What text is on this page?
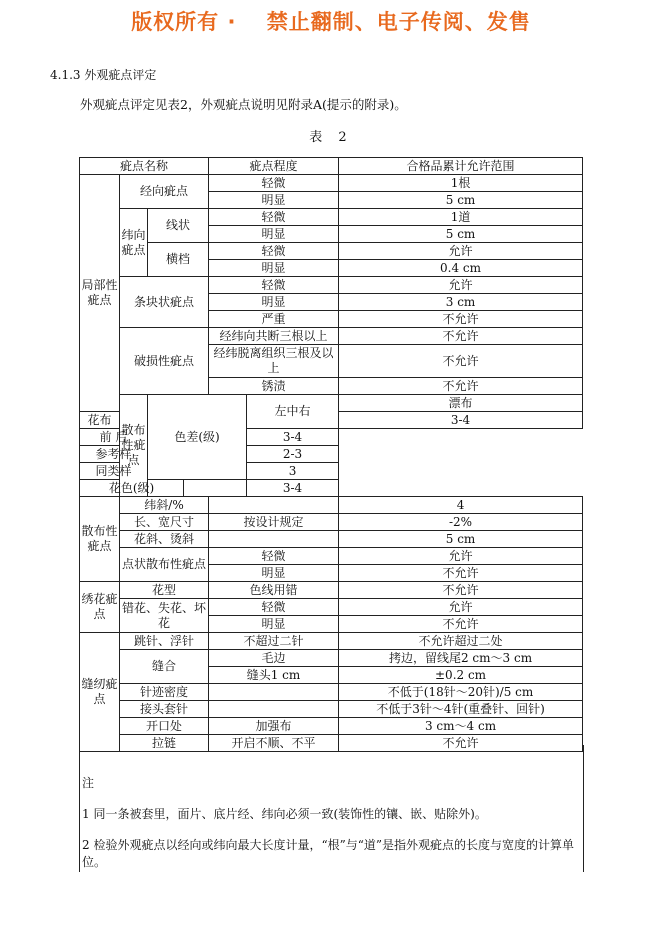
版权所有 ·　 禁止翻制、电子传阅、发售
4.1.3 外观疵点评定
外观疵点评定见表2，外观疵点说明见附录A(提示的附录)。
表 2
疵点名称				疵点程度		合格品累计允许范围	
局部性疵点	经向疵点			轻微		1根	
				明显		5 cm	
	纬向疵点	线状		轻微		1道	
				明显		5 cm	
		横档		轻微		允许	
				明显		0.4 cm	
	条块状疵点			轻微		允许	
				明显		3 cm	
				严重		不允许	
	破损性疵点			经纬向共断三根以上		不允许	
				经纬脱离组织三根及以上		不允许	
				锈渍		不允许	
	散布性疵点	色差(级)			左中右	漂布	
花布						3-4	
前 后					3-4		
参考样					2-3		
同类样					3		
花色(级)					3-4		
散布性疵点	纬斜/%					4	
	长、宽尺寸			按设计规定		-2%	
	花斜、烫斜					5 cm	
	点状散布性疵点			轻微		允许	
				明显		不允许	
绣花疵点	花型			色线用错		不允许	
	错花、失花、坏花			轻微		允许	
				明显		不允许	
缝纫疵点	跳针、浮针			不超过二针		不允许超过二处	
	缝合			毛边		拷边，留线尾2 cm～3 cm	
				缝头1 cm		±0.2 cm	
	针迹密度					不低于(18针～20针)/5 cm	
	接头套针					不低于3针～4针(重叠针、回针)	
	开口处			加强布		3 cm～4 cm	
	拉链			开启不顺、不平		不允许	
注
1 同一条被套里，面片、底片经、纬向必须一致(装饰性的镶、嵌、贴除外)。
2 检验外观疵点以经向或纬向最大长度计量，“根”与“道”是指外观疵点的长度与宽度的计算单位。
